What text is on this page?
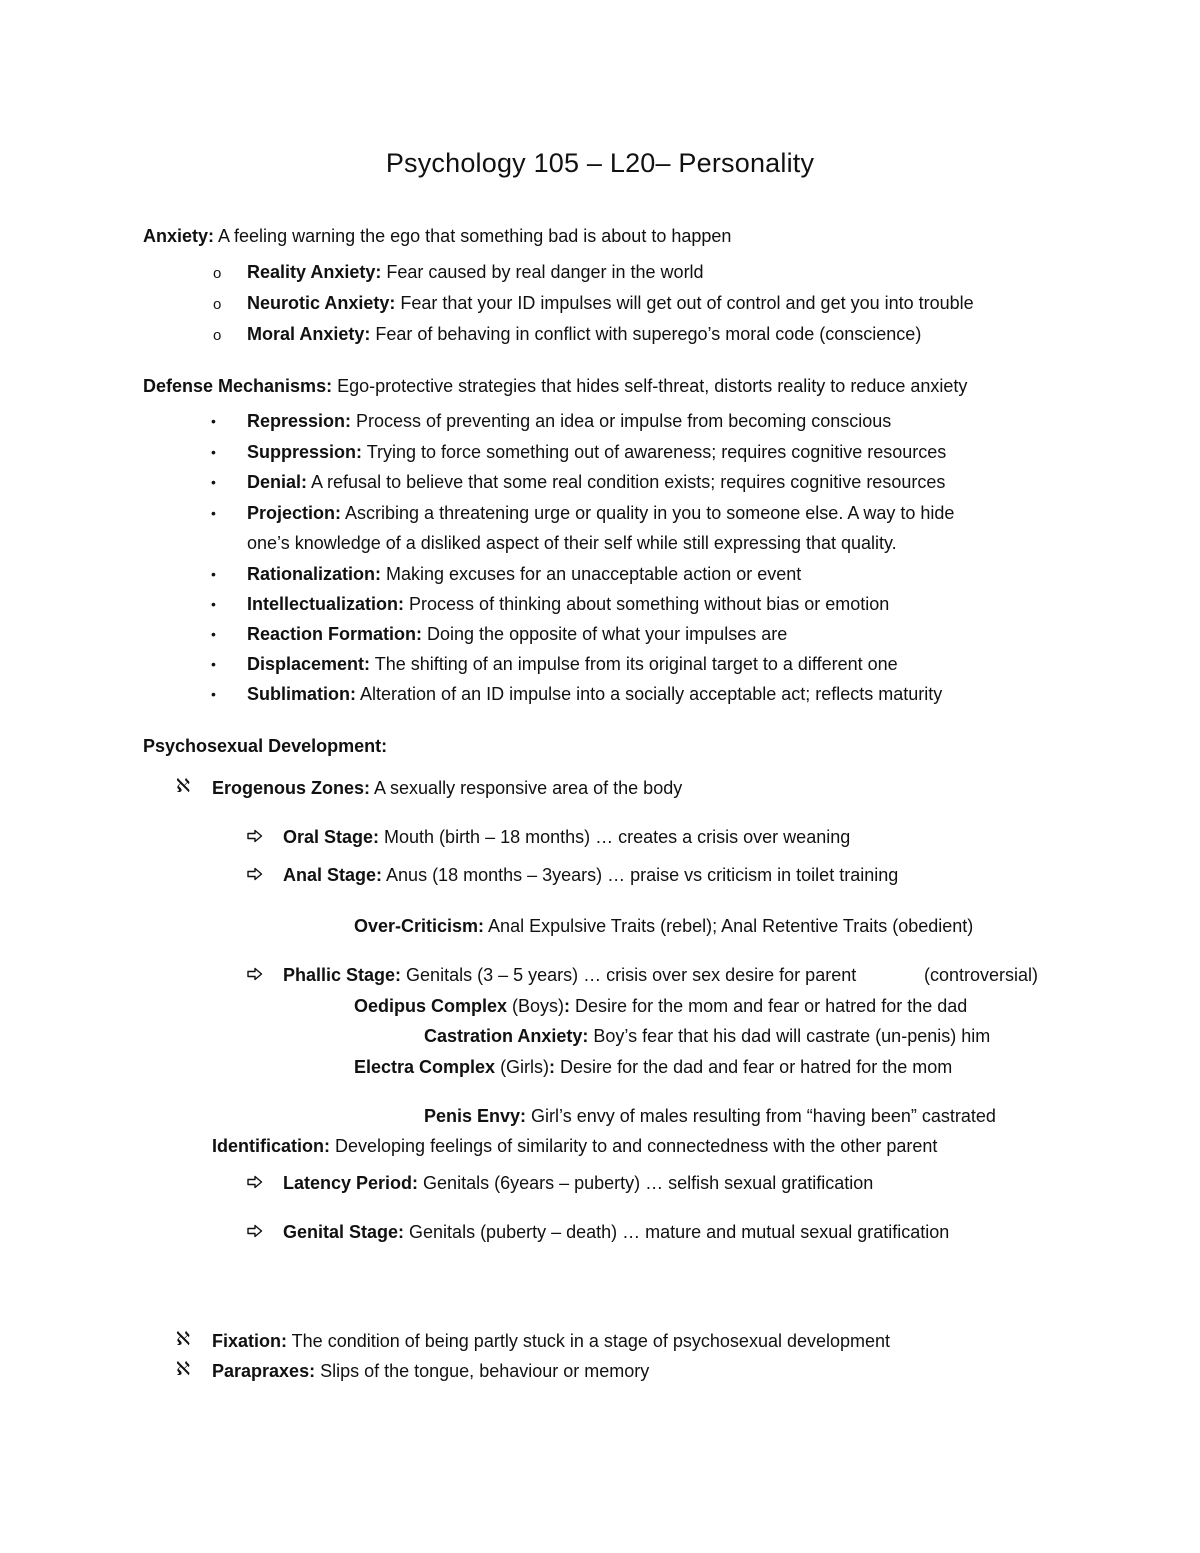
Psychology 105 – L20– Personality
Anxiety: A feeling warning the ego that something bad is about to happen
o Reality Anxiety: Fear caused by real danger in the world
o Neurotic Anxiety: Fear that your ID impulses will get out of control and get you into trouble
o Moral Anxiety: Fear of behaving in conflict with superego’s moral code (conscience)
Defense Mechanisms: Ego-protective strategies that hides self-threat, distorts reality to reduce anxiety
• Repression: Process of preventing an idea or impulse from becoming conscious
• Suppression: Trying to force something out of awareness; requires cognitive resources
• Denial: A refusal to believe that some real condition exists; requires cognitive resources
• Projection: Ascribing a threatening urge or quality in you to someone else. A way to hide
one’s knowledge of a disliked aspect of their self while still expressing that quality.
• Rationalization: Making excuses for an unacceptable action or event
• Intellectualization: Process of thinking about something without bias or emotion
• Reaction Formation: Doing the opposite of what your impulses are
• Displacement: The shifting of an impulse from its original target to a different one
• Sublimation: Alteration of an ID impulse into a socially acceptable act; reflects maturity
Psychosexual Development:
ℵ Erogenous Zones: A sexually responsive area of the body
Oral Stage: Mouth (birth – 18 months) … creates a crisis over weaning
Anal Stage: Anus (18 months – 3years) … praise vs criticism in toilet training
Over-Criticism: Anal Expulsive Traits (rebel); Anal Retentive Traits (obedient)
Phallic Stage: Genitals (3 – 5 years) … crisis over sex desire for parent	(controversial)
Oedipus Complex (Boys): Desire for the mom and fear or hatred for the dad
Castration Anxiety: Boy’s fear that his dad will castrate (un-penis) him
Electra Complex (Girls): Desire for the dad and fear or hatred for the mom
Penis Envy: Girl’s envy of males resulting from “having been” castrated
Identification: Developing feelings of similarity to and connectedness with the other parent
Latency Period: Genitals (6years – puberty) … selfish sexual gratification
Genital Stage: Genitals (puberty – death) … mature and mutual sexual gratification
ℵ Fixation: The condition of being partly stuck in a stage of psychosexual development
ℵ Parapraxes: Slips of the tongue, behaviour or memory
